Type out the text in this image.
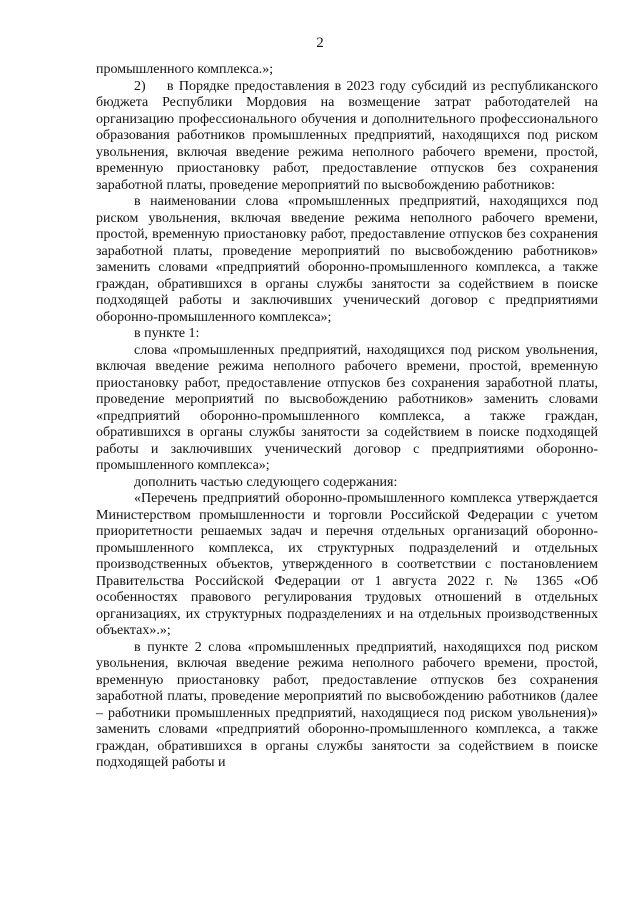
2

промышленного комплекса.»;

2)    в Порядке предоставления в 2023 году субсидий из республиканского бюджета Республики Мордовия на возмещение затрат работодателей на организацию профессионального обучения и дополнительного профессионального образования работников промышленных предприятий, находящихся под риском увольнения, включая введение режима неполного рабочего времени, простой, временную приостановку работ, предоставление отпусков без сохранения заработной платы, проведение мероприятий по высвобождению работников:

в наименовании слова «промышленных предприятий, находящихся под риском увольнения, включая введение режима неполного рабочего времени, простой, временную приостановку работ, предоставление отпусков без сохранения заработной платы, проведение мероприятий по высвобождению работников» заменить словами «предприятий оборонно-промышленного комплекса, а также граждан, обратившихся в органы службы занятости за содействием в поиске подходящей работы и заключивших ученический договор с предприятиями оборонно-промышленного комплекса»;

в пункте 1:

слова «промышленных предприятий, находящихся под риском увольнения, включая введение режима неполного рабочего времени, простой, временную приостановку работ, предоставление отпусков без сохранения заработной платы, проведение мероприятий по высвобождению работников» заменить словами «предприятий оборонно-промышленного комплекса, а также граждан, обратившихся в органы службы занятости за содействием в поиске подходящей работы и заключивших ученический договор с предприятиями оборонно-промышленного комплекса»;

дополнить частью следующего содержания:

«Перечень предприятий оборонно-промышленного комплекса утверждается Министерством промышленности и торговли Российской Федерации с учетом приоритетности решаемых задач и перечня отдельных организаций оборонно-промышленного комплекса, их структурных подразделений и отдельных производственных объектов, утвержденного в соответствии с постановлением Правительства Российской Федерации от 1 августа 2022 г. № 1365 «Об особенностях правового регулирования трудовых отношений в отдельных организациях, их структурных подразделениях и на отдельных производственных объектах».»;

в пункте 2 слова «промышленных предприятий, находящихся под риском увольнения, включая введение режима неполного рабочего времени, простой, временную приостановку работ, предоставление отпусков без сохранения заработной платы, проведение мероприятий по высвобождению работников (далее – работники промышленных предприятий, находящиеся под риском увольнения)» заменить словами «предприятий оборонно-промышленного комплекса, а также граждан, обратившихся в органы службы занятости за содействием в поиске подходящей работы и
